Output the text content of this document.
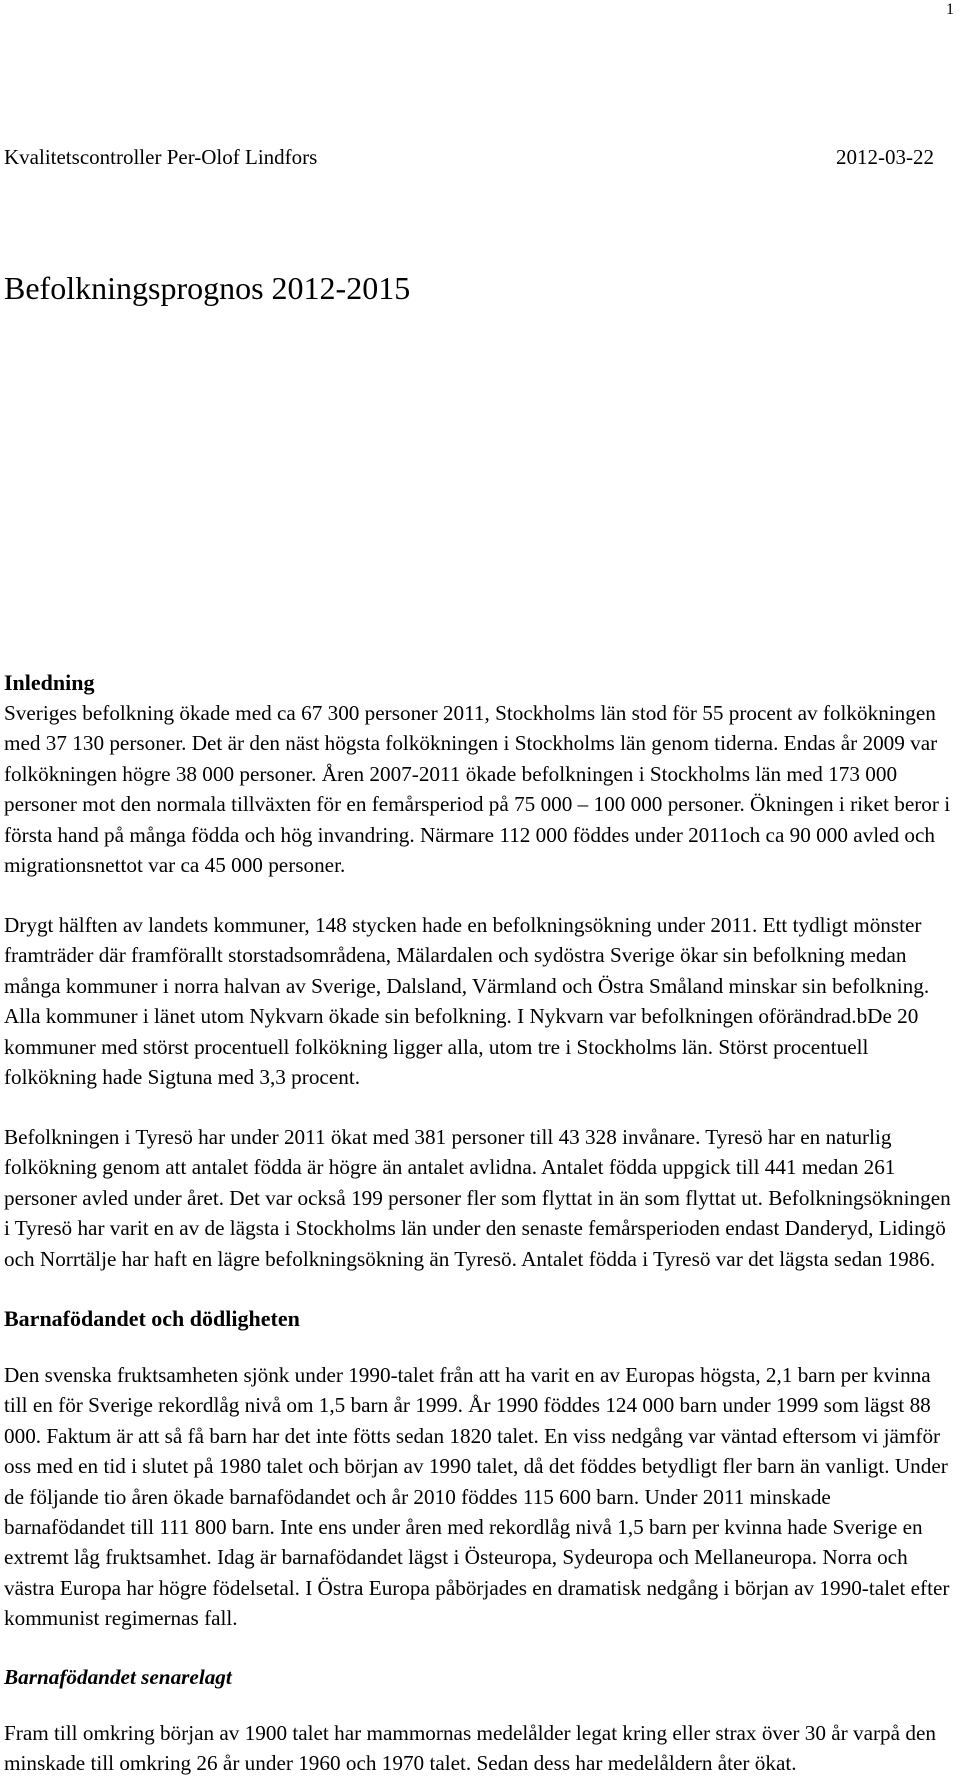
1
Kvalitetscontroller Per-Olof Lindfors	2012-03-22
Befolkningsprognos 2012-2015
Inledning

Sveriges befolkning ökade med ca 67 300 personer 2011, Stockholms län stod för 55 procent av folkökningen med 37 130 personer. Det är den näst högsta folkökningen i Stockholms län genom tiderna. Endas år 2009 var folkökningen högre 38 000 personer. Åren 2007-2011 ökade befolkningen i Stockholms län med 173 000 personer mot den normala tillväxten för en femårsperiod på 75 000 – 100 000 personer. Ökningen i riket beror i första hand på många födda och hög invandring. Närmare 112 000 föddes under 2011och ca 90 000 avled och migrationsnettot var ca 45 000 personer.

Drygt hälften av landets kommuner, 148 stycken hade en befolkningsökning under 2011. Ett tydligt mönster framträder där framförallt storstadsområdena, Mälardalen och sydöstra Sverige ökar sin befolkning medan många kommuner i norra halvan av Sverige, Dalsland, Värmland och Östra Småland minskar sin befolkning. Alla kommuner i länet utom Nykvarn ökade sin befolkning. I Nykvarn var befolkningen oförändrad.bDe 20 kommuner med störst procentuell folkökning ligger alla, utom tre i Stockholms län. Störst procentuell folkökning hade Sigtuna med 3,3 procent.

Befolkningen i Tyresö har under 2011 ökat med 381 personer till 43 328 invånare. Tyresö har en naturlig folkökning genom att antalet födda är högre än antalet avlidna. Antalet födda uppgick till 441 medan 261 personer avled under året. Det var också 199 personer fler som flyttat in än som flyttat ut. Befolkningsökningen i Tyresö har varit en av de lägsta i Stockholms län under den senaste femårsperioden endast Danderyd, Lidingö och Norrtälje har haft en lägre befolkningsökning än Tyresö. Antalet födda i Tyresö var det lägsta sedan 1986.

Barnafödandet och dödligheten

Den svenska fruktsamheten sjönk under 1990-talet från att ha varit en av Europas högsta, 2,1 barn per kvinna till en för Sverige rekordlåg nivå om 1,5 barn år 1999. År 1990 föddes 124 000 barn under 1999 som lägst 88 000. Faktum är att så få barn har det inte fötts sedan 1820 talet. En viss nedgång var väntad eftersom vi jämför oss med en tid i slutet på 1980 talet och början av 1990 talet, då det föddes betydligt fler barn än vanligt. Under de följande tio åren ökade barnafödandet och år 2010 föddes 115 600 barn. Under 2011 minskade barnafödandet till 111 800 barn. Inte ens under åren med rekordlåg nivå 1,5 barn per kvinna hade Sverige en extremt låg fruktsamhet. Idag är barnafödandet lägst i Östeuropa, Sydeuropa och Mellaneuropa. Norra och västra Europa har högre födelsetal. I Östra Europa påbörjades en dramatisk nedgång i början av 1990-talet efter kommunist regimernas fall.

Barnafödandet senarelagt

Fram till omkring början av 1900 talet har mammornas medelålder legat kring eller strax över 30 år varpå den minskade till omkring 26 år under 1960 och 1970 talet. Sedan dess har medelåldern åter ökat.
